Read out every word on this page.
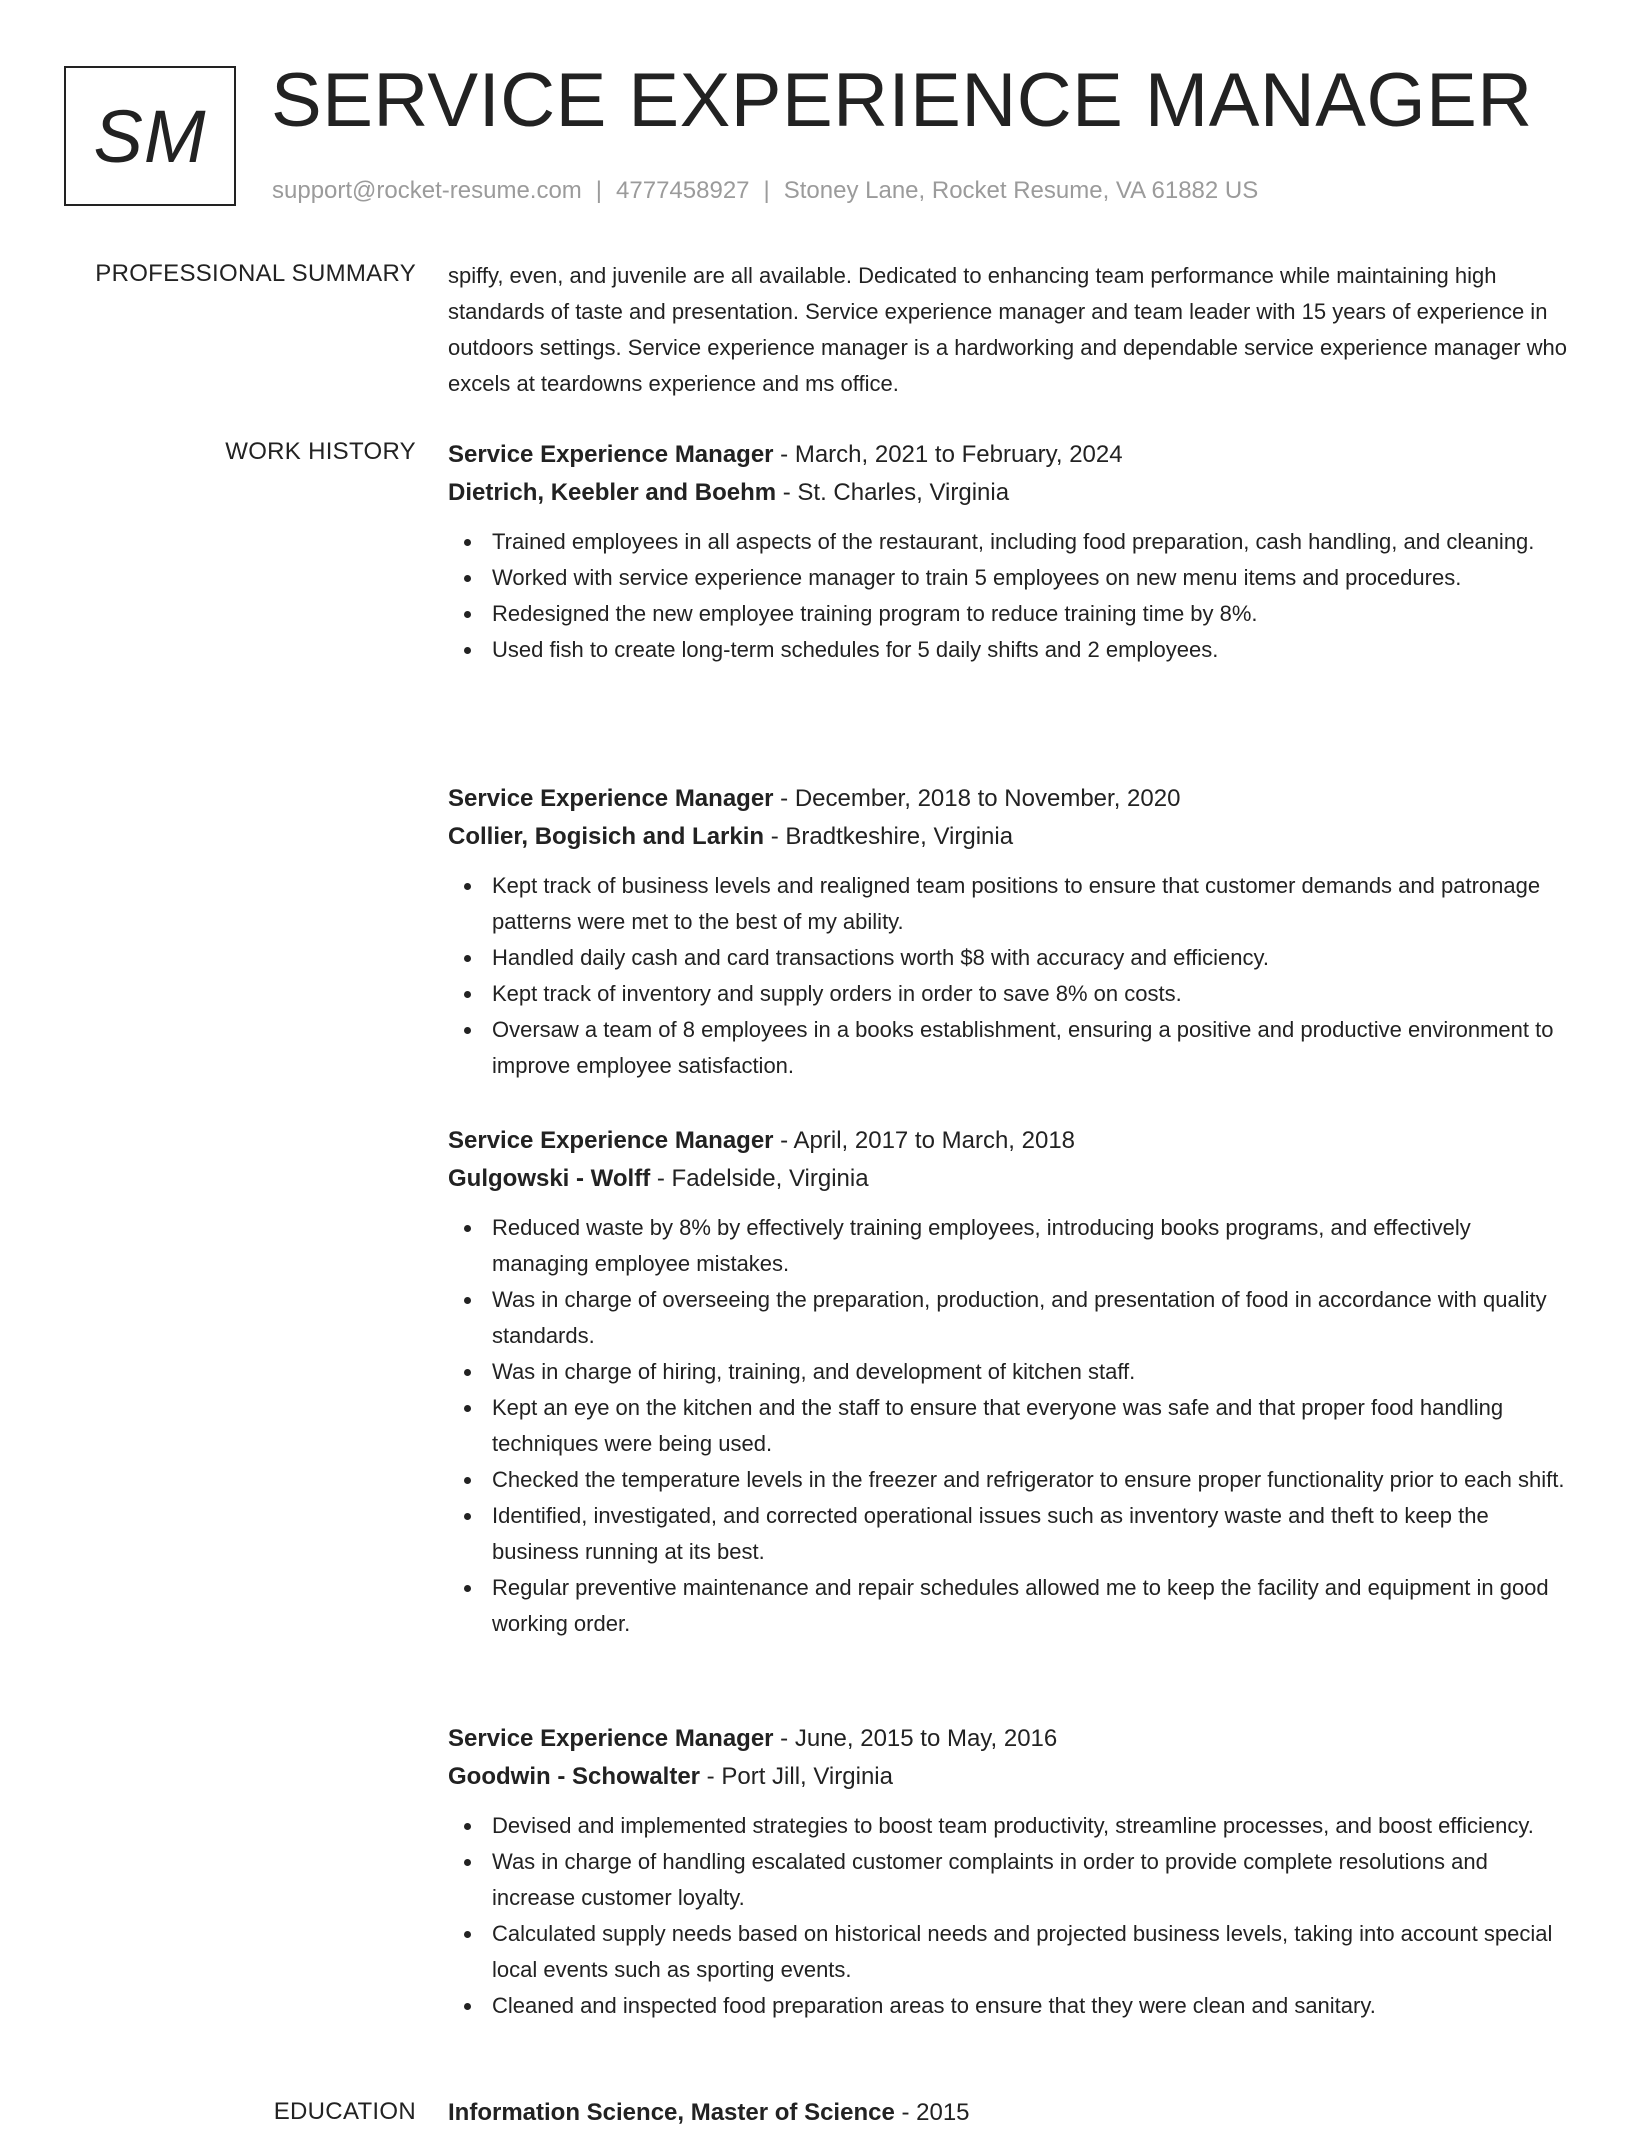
SM SERVICE EXPERIENCE MANAGER
support@rocket-resume.com | 4777458927 | Stoney Lane, Rocket Resume, VA 61882 US
PROFESSIONAL SUMMARY spiffy, even, and juvenile are all available. Dedicated to enhancing team performance while maintaining high standards of taste and presentation. Service experience manager and team leader with 15 years of experience in outdoors settings. Service experience manager is a hardworking and dependable service experience manager who excels at teardowns experience and ms office.
WORK HISTORY Service Experience Manager - March, 2021 to February, 2024
Dietrich, Keebler and Boehm - St. Charles, Virginia
Trained employees in all aspects of the restaurant, including food preparation, cash handling, and cleaning.
Worked with service experience manager to train 5 employees on new menu items and procedures.
Redesigned the new employee training program to reduce training time by 8%.
Used fish to create long-term schedules for 5 daily shifts and 2 employees.
Service Experience Manager - December, 2018 to November, 2020
Collier, Bogisich and Larkin - Bradtkeshire, Virginia
Kept track of business levels and realigned team positions to ensure that customer demands and patronage patterns were met to the best of my ability.
Handled daily cash and card transactions worth $8 with accuracy and efficiency.
Kept track of inventory and supply orders in order to save 8% on costs.
Oversaw a team of 8 employees in a books establishment, ensuring a positive and productive environment to improve employee satisfaction.
Service Experience Manager - April, 2017 to March, 2018
Gulgowski - Wolff - Fadelside, Virginia
Reduced waste by 8% by effectively training employees, introducing books programs, and effectively managing employee mistakes.
Was in charge of overseeing the preparation, production, and presentation of food in accordance with quality standards.
Was in charge of hiring, training, and development of kitchen staff.
Kept an eye on the kitchen and the staff to ensure that everyone was safe and that proper food handling techniques were being used.
Checked the temperature levels in the freezer and refrigerator to ensure proper functionality prior to each shift.
Identified, investigated, and corrected operational issues such as inventory waste and theft to keep the business running at its best.
Regular preventive maintenance and repair schedules allowed me to keep the facility and equipment in good working order.
Service Experience Manager - June, 2015 to May, 2016
Goodwin - Schowalter - Port Jill, Virginia
Devised and implemented strategies to boost team productivity, streamline processes, and boost efficiency.
Was in charge of handling escalated customer complaints in order to provide complete resolutions and increase customer loyalty.
Calculated supply needs based on historical needs and projected business levels, taking into account special local events such as sporting events.
Cleaned and inspected food preparation areas to ensure that they were clean and sanitary.
EDUCATION Information Science, Master of Science - 2015
